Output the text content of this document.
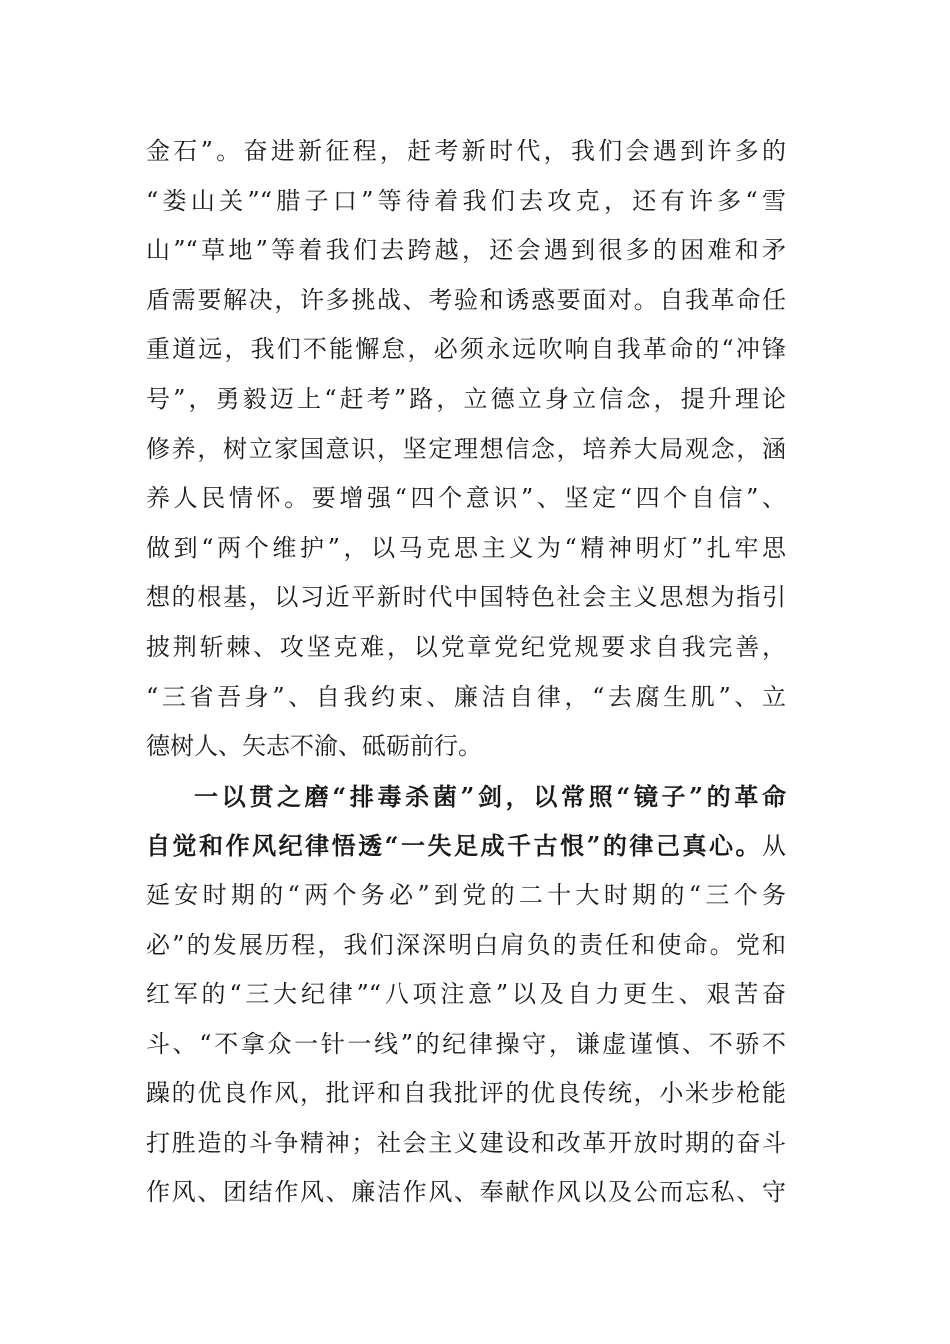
金石”。奋进新征程，赶考新时代，我们会遇到许多的
“娄山关”“腊子口”等待着我们去攻克，还有许多“雪
山”“草地”等着我们去跨越，还会遇到很多的困难和矛
盾需要解决，许多挑战、考验和诱惑要面对。自我革命任
重道远，我们不能懈怠，必须永远吹响自我革命的“冲锋
号”，勇毅迈上“赶考”路，立德立身立信念，提升理论
修养，树立家国意识，坚定理想信念，培养大局观念，涵
养人民情怀。要增强“四个意识”、坚定“四个自信”、
做到“两个维护”，以马克思主义为“精神明灯”扎牢思
想的根基，以习近平新时代中国特色社会主义思想为指引
披荆斩棘、攻坚克难，以党章党纪党规要求自我完善，
“三省吾身”、自我约束、廉洁自律，“去腐生肌”、立
德树人、矢志不渝、砥砺前行。
一以贯之磨“排毒杀菌”剑，以常照“镜子”的革命
自觉和作风纪律悟透“一失足成千古恨”的律己真心。从
延安时期的“两个务必”到党的二十大时期的“三个务
必”的发展历程，我们深深明白肩负的责任和使命。党和
红军的“三大纪律”“八项注意”以及自力更生、艰苦奋
斗、“不拿众一针一线”的纪律操守，谦虚谨慎、不骄不
躁的优良作风，批评和自我批评的优良传统，小米步枪能
打胜造的斗争精神；社会主义建设和改革开放时期的奋斗
作风、团结作风、廉洁作风、奉献作风以及公而忘私、守
